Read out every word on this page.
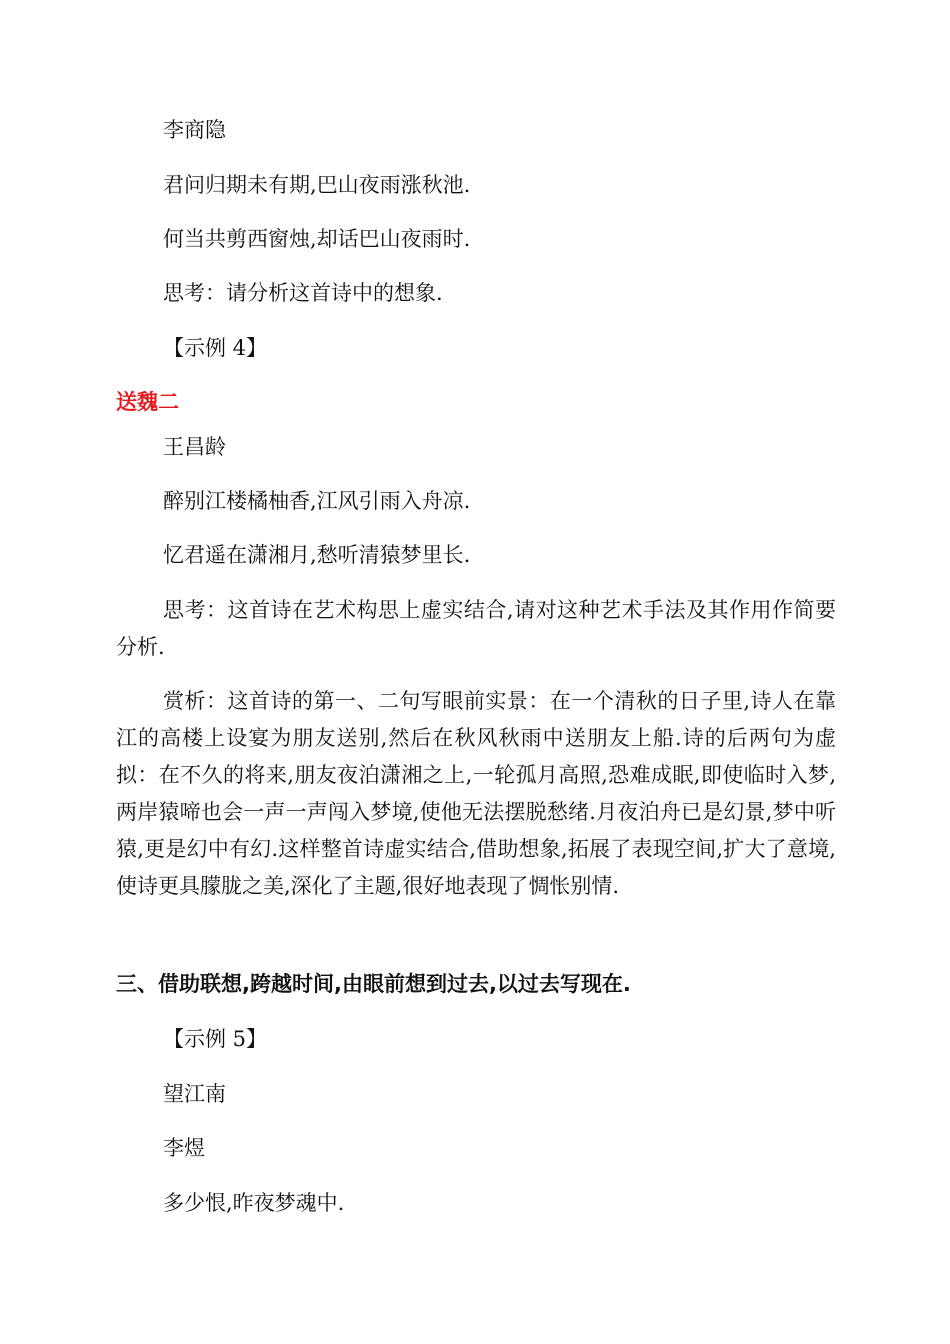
李商隐
君问归期未有期,巴山夜雨涨秋池.
何当共剪西窗烛,却话巴山夜雨时.
思考：请分析这首诗中的想象.
【示例 4】
送魏二
王昌龄
醉别江楼橘柚香,江风引雨入舟凉.
忆君遥在潇湘月,愁听清猿梦里长.
思考：这首诗在艺术构思上虚实结合,请对这种艺术手法及其作用作简要分析.
赏析：这首诗的第一、二句写眼前实景：在一个清秋的日子里,诗人在靠江的高楼上设宴为朋友送别,然后在秋风秋雨中送朋友上船.诗的后两句为虚拟：在不久的将来,朋友夜泊潇湘之上,一轮孤月高照,恐难成眠,即使临时入梦,两岸猿啼也会一声一声闯入梦境,使他无法摆脱愁绪.月夜泊舟已是幻景,梦中听猿,更是幻中有幻.这样整首诗虚实结合,借助想象,拓展了表现空间,扩大了意境,使诗更具朦胧之美,深化了主题,很好地表现了惆怅别情.
三、借助联想,跨越时间,由眼前想到过去,以过去写现在.
【示例 5】
望江南
李煜
多少恨,昨夜梦魂中.
